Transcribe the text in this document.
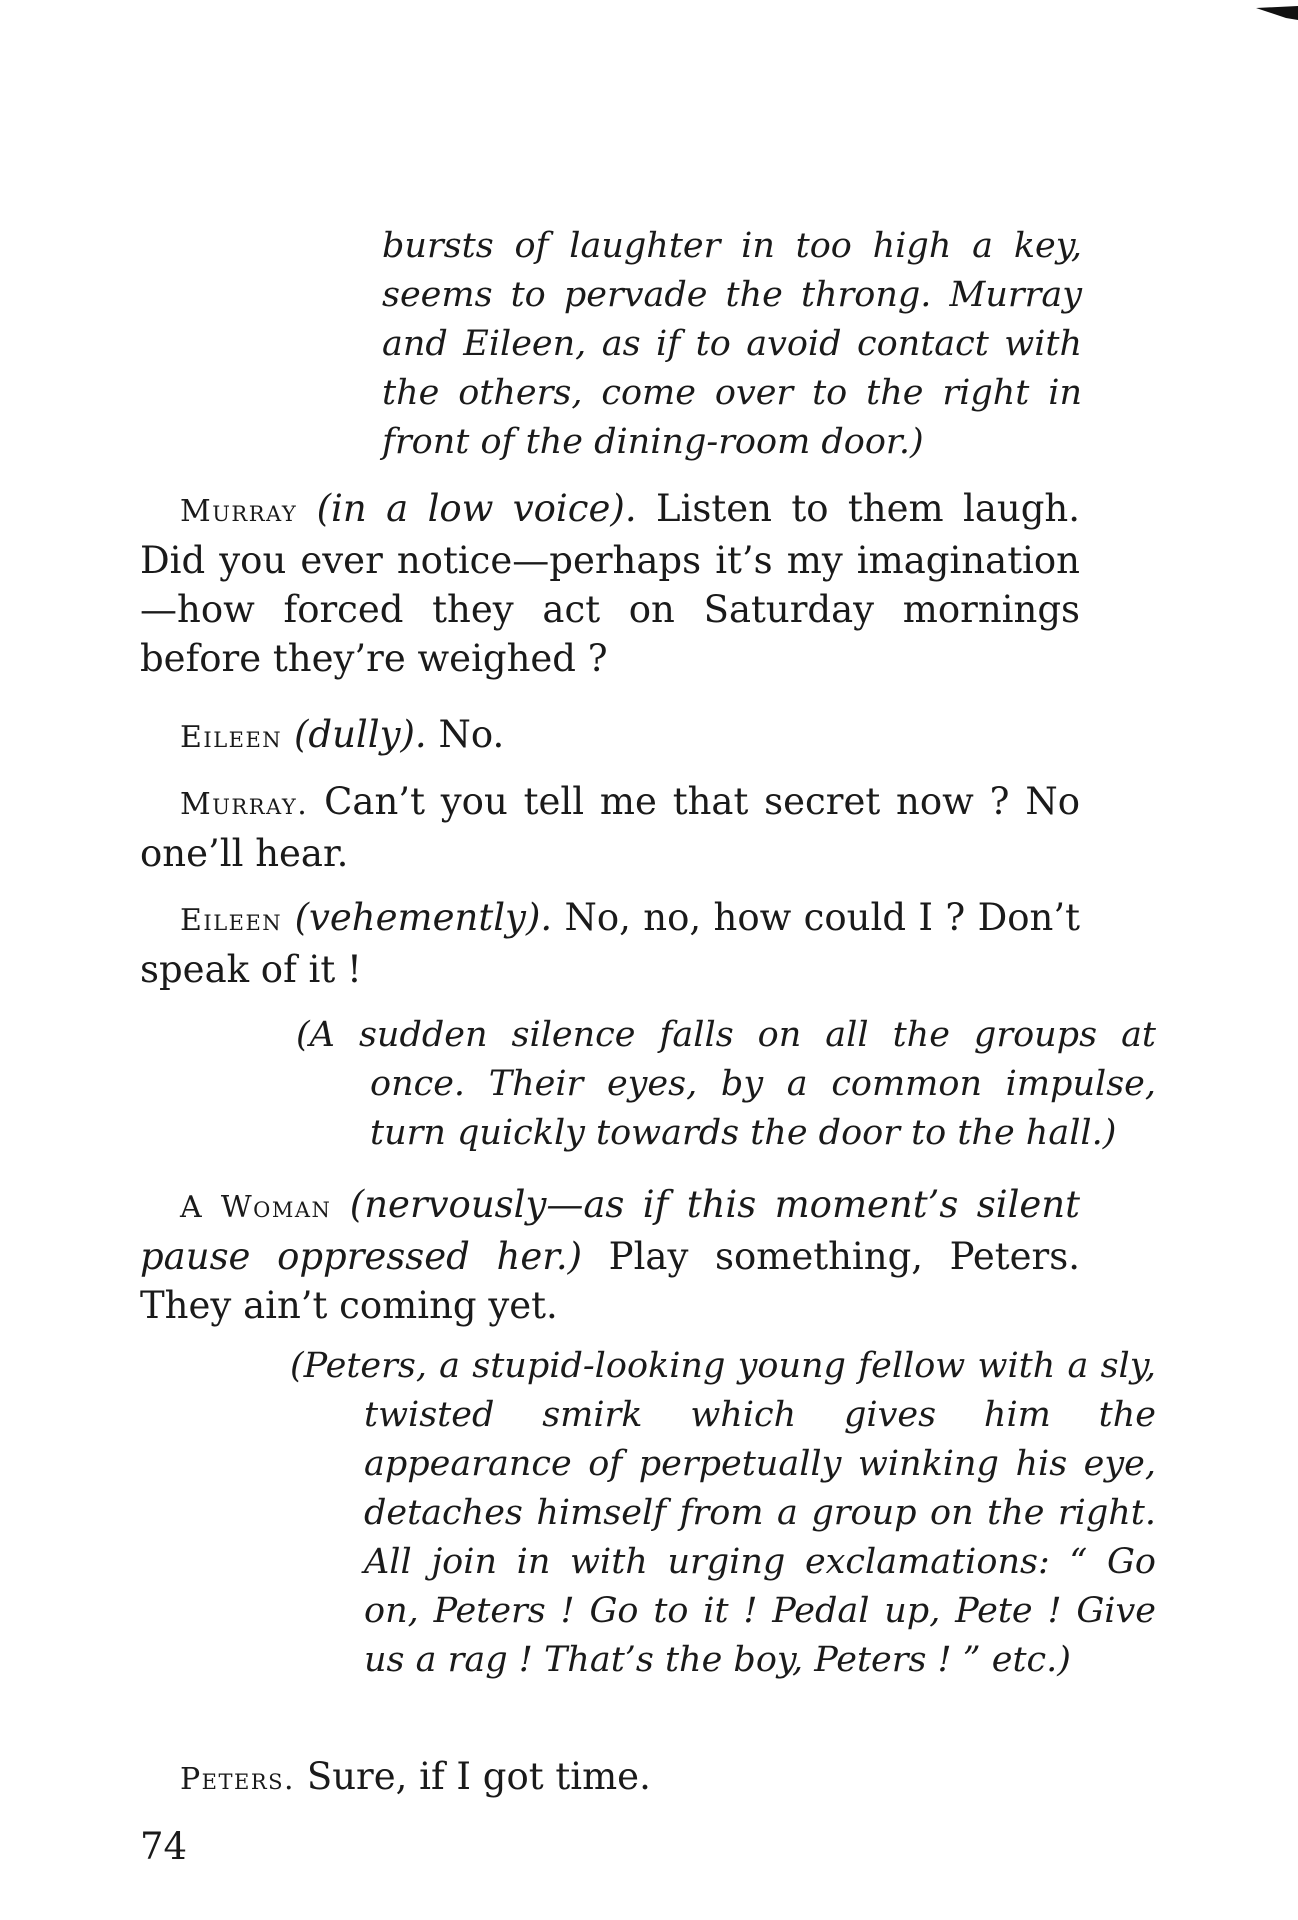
bursts of laughter in too high a key, seems to pervade the throng. Murray and Eileen, as if to avoid contact with the others, come over to the right in front of the dining-room door.)

Murray (in a low voice). Listen to them laugh. Did you ever notice—perhaps it’s my imagination—how forced they act on Saturday mornings before they’re weighed ?

Eileen (dully). No.

Murray. Can’t you tell me that secret now ? No one’ll hear.

Eileen (vehemently). No, no, how could I ? Don’t speak of it !

(A sudden silence falls on all the groups at once. Their eyes, by a common impulse, turn quickly towards the door to the hall.)

A Woman (nervously—as if this moment’s silent pause oppressed her.) Play something, Peters. They ain’t coming yet.

(Peters, a stupid-looking young fellow with a sly, twisted smirk which gives him the appearance of perpetually winking his eye, detaches himself from a group on the right. All join in with urging exclamations: “ Go on, Peters ! Go to it ! Pedal up, Pete ! Give us a rag ! That’s the boy, Peters ! ” etc.)

Peters. Sure, if I got time.

74
